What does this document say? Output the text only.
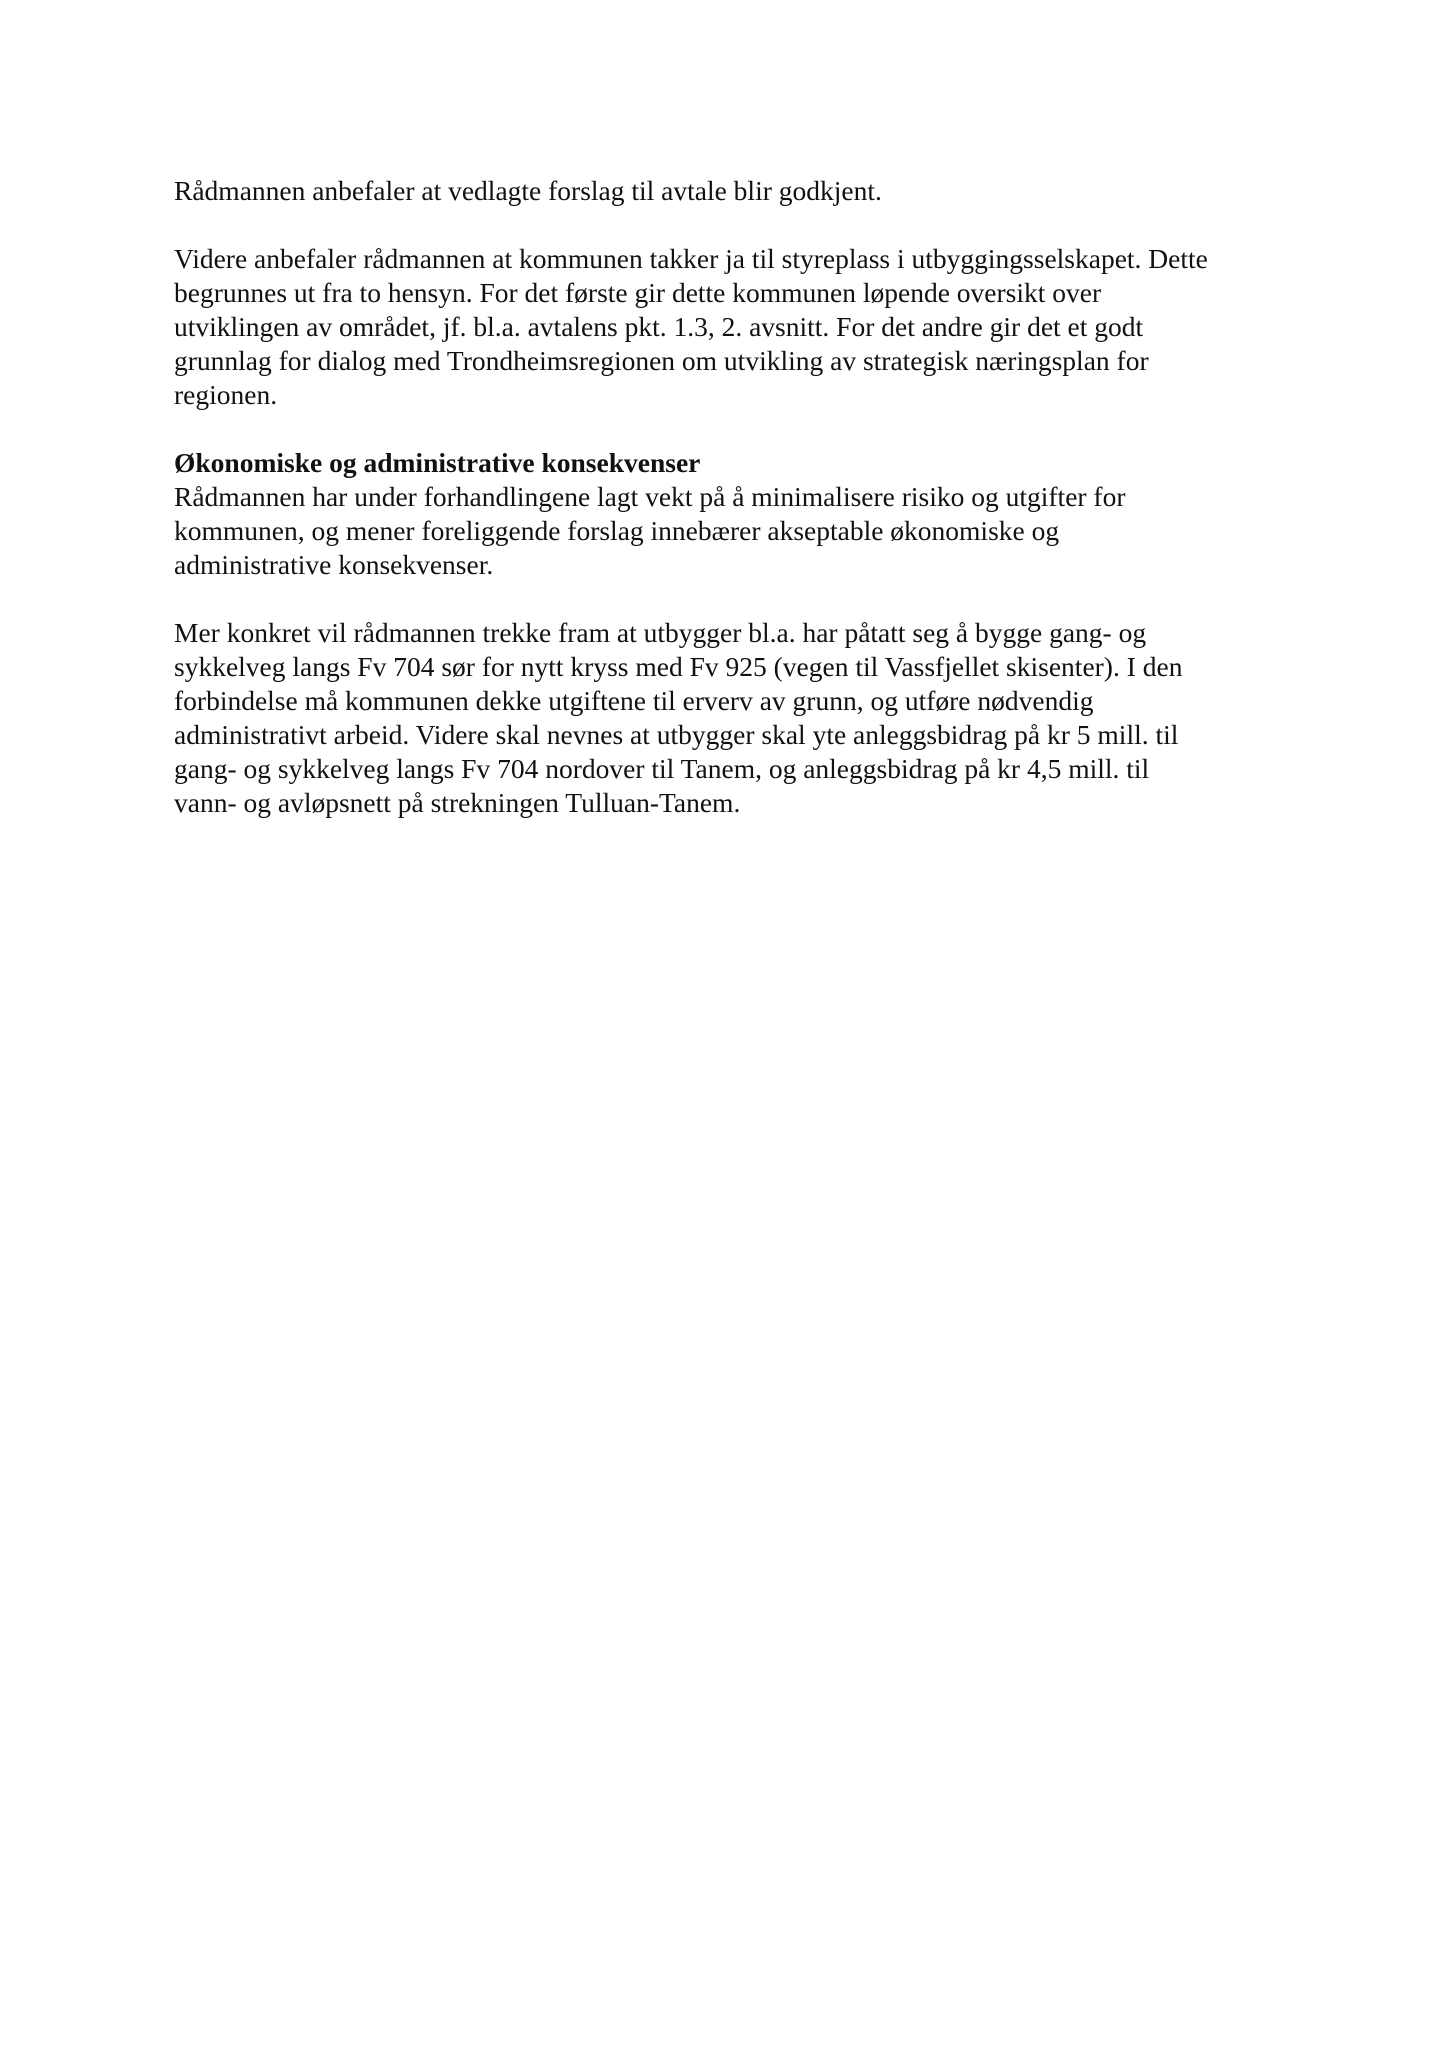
Rådmannen anbefaler at vedlagte forslag til avtale blir godkjent.

Videre anbefaler rådmannen at kommunen takker ja til styreplass i utbyggingsselskapet. Dette
begrunnes ut fra to hensyn. For det første gir dette kommunen løpende oversikt over
utviklingen av området, jf. bl.a. avtalens pkt. 1.3, 2. avsnitt. For det andre gir det et godt
grunnlag for dialog med Trondheimsregionen om utvikling av strategisk næringsplan for
regionen.

Økonomiske og administrative konsekvenser

Rådmannen har under forhandlingene lagt vekt på å minimalisere risiko og utgifter for
kommunen, og mener foreliggende forslag innebærer akseptable økonomiske og
administrative konsekvenser.

Mer konkret vil rådmannen trekke fram at utbygger bl.a. har påtatt seg å bygge gang- og
sykkelveg langs Fv 704 sør for nytt kryss med Fv 925 (vegen til Vassfjellet skisenter). I den
forbindelse må kommunen dekke utgiftene til erverv av grunn, og utføre nødvendig
administrativt arbeid. Videre skal nevnes at utbygger skal yte anleggsbidrag på kr 5 mill. til
gang- og sykkelveg langs Fv 704 nordover til Tanem, og anleggsbidrag på kr 4,5 mill. til
vann- og avløpsnett på strekningen Tulluan-Tanem.
